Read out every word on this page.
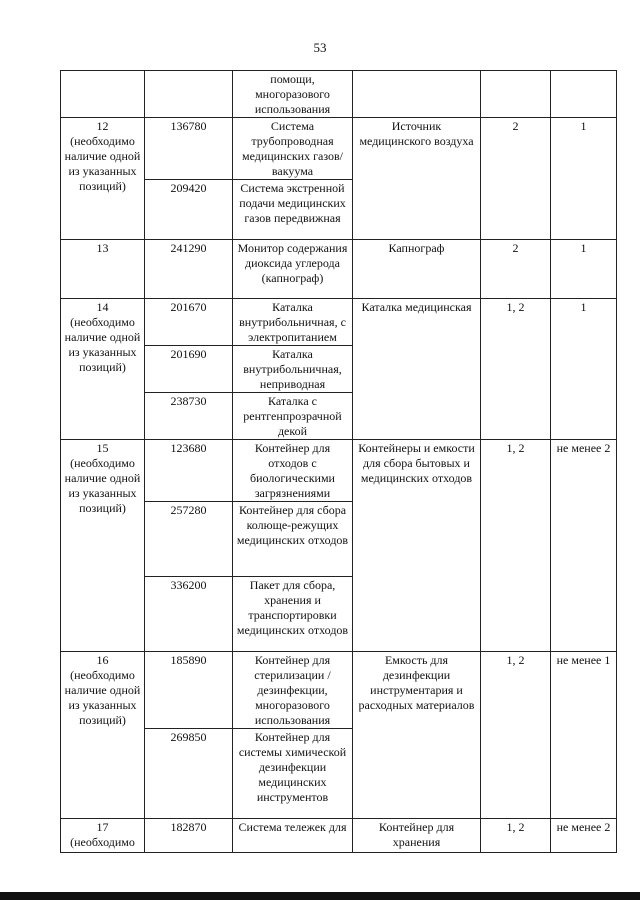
53
		помощи, многоразового использования			
12 (необходимо наличие одной из указанных позиций)	136780	Система трубопроводная медицинских газов/вакуума	Источник медицинского воздуха	2	1
	209420	Система экстренной подачи медицинских газов передвижная			
13	241290	Монитор содержания диоксида углерода (капнограф)	Капнограф	2	1
14 (необходимо наличие одной из указанных позиций)	201670	Каталка внутрибольничная, с электропитанием	Каталка медицинская	1, 2	1
	201690	Каталка внутрибольничная, неприводная			
	238730	Каталка с рентгенпрозрачной декой			
15 (необходимо наличие одной из указанных позиций)	123680	Контейнер для отходов с биологическими загрязнениями	Контейнеры и емкости для сбора бытовых и медицинских отходов	1, 2	не менее 2
	257280	Контейнер для сбора колюще-режущих медицинских отходов			
	336200	Пакет для сбора, хранения и транспортировки медицинских отходов			
16 (необходимо наличие одной из указанных позиций)	185890	Контейнер для стерилизации /дезинфекции, многоразового использования	Емкость для дезинфекции инструментария и расходных материалов	1, 2	не менее 1
	269850	Контейнер для системы химической дезинфекции медицинских инструментов			
17 (необходимо	182870	Система тележек для	Контейнер для хранения	1, 2	не менее 2
